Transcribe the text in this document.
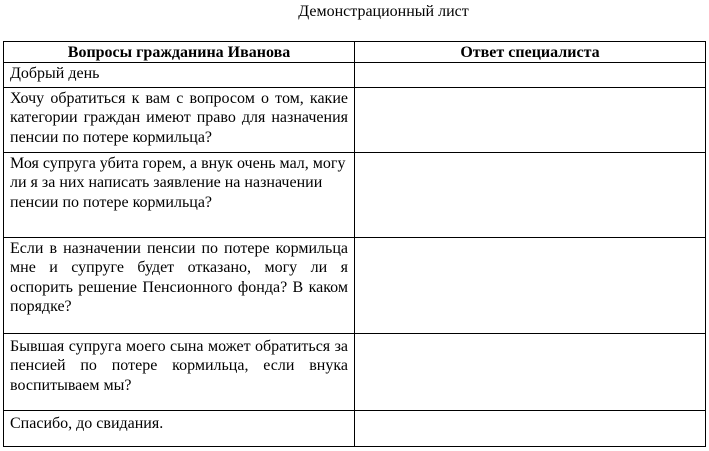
Демонстрационный лист
Вопросы гражданина Иванова	Ответ специалиста
Добрый день	
Хочу обратиться к вам с вопросом о том, какие категории граждан имеют право для назначения пенсии по потере кормильца?	
Моя супруга убита горем, а внук очень мал, могу ли я за них написать заявление на назначении пенсии по потере кормильца?	
Если в назначении пенсии по потере кормильца мне и супруге будет отказано, могу ли я оспорить решение Пенсионного фонда? В каком порядке?	
Бывшая супруга моего сына может обратиться за пенсией по потере кормильца, если внука воспитываем мы?	
Спасибо, до свидания.	
